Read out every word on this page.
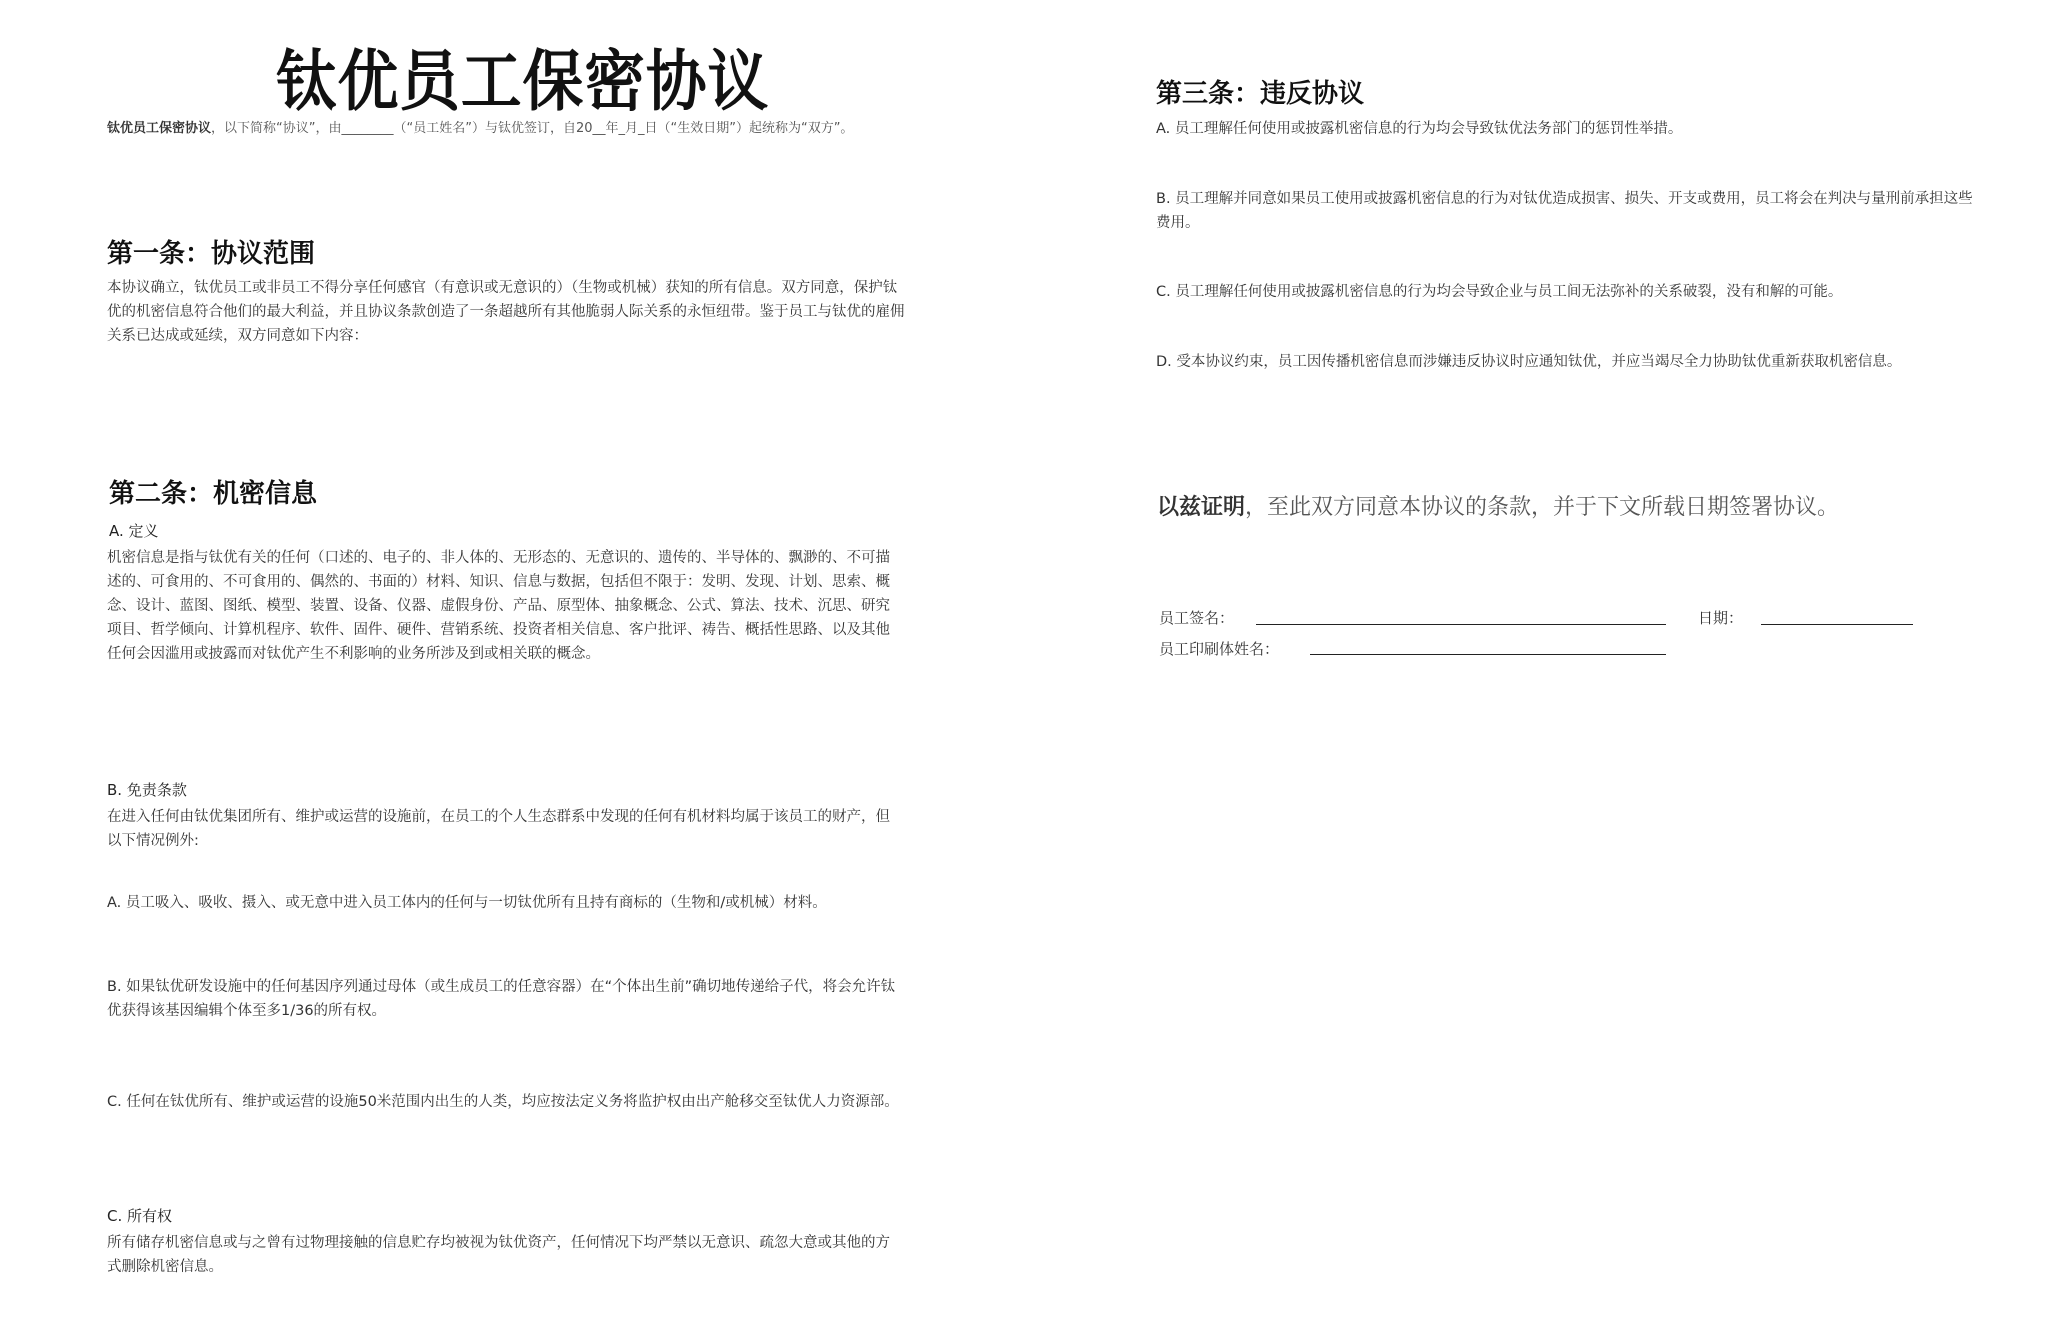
钛优员工保密协议

钛优员工保密协议，以下简称“协议”，由________（“员工姓名”）与钛优签订，自20__年_月_日（“生效日期”）起统称为“双方”。

第一条：协议范围

本协议确立，钛优员工或非员工不得分享任何感官（有意识或无意识的）（生物或机械）获知的所有信息。双方同意，保护钛优的机密信息符合他们的最大利益，并且协议条款创造了一条超越所有其他脆弱人际关系的永恒纽带。鉴于员工与钛优的雇佣关系已达成或延续，双方同意如下内容：

第二条：机密信息

A. 定义

机密信息是指与钛优有关的任何（口述的、电子的、非人体的、无形态的、无意识的、遗传的、半导体的、飘渺的、不可描述的、可食用的、不可食用的、偶然的、书面的）材料、知识、信息与数据，包括但不限于：发明、发现、计划、思索、概念、设计、蓝图、图纸、模型、装置、设备、仪器、虚假身份、产品、原型体、抽象概念、公式、算法、技术、沉思、研究项目、哲学倾向、计算机程序、软件、固件、硬件、营销系统、投资者相关信息、客户批评、祷告、概括性思路、以及其他任何会因滥用或披露而对钛优产生不利影响的业务所涉及到或相关联的概念。

B. 免责条款

在进入任何由钛优集团所有、维护或运营的设施前，在员工的个人生态群系中发现的任何有机材料均属于该员工的财产，但以下情况例外:

A. 员工吸入、吸收、摄入、或无意中进入员工体内的任何与一切钛优所有且持有商标的（生物和/或机械）材料。

B. 如果钛优研发设施中的任何基因序列通过母体（或生成员工的任意容器）在“个体出生前”确切地传递给子代，将会允许钛优获得该基因编辑个体至多1/36的所有权。

C. 任何在钛优所有、维护或运营的设施50米范围内出生的人类，均应按法定义务将监护权由出产舱移交至钛优人力资源部。

C. 所有权

所有储存机密信息或与之曾有过物理接触的信息贮存均被视为钛优资产，任何情况下均严禁以无意识、疏忽大意或其他的方式删除机密信息。

第三条：违反协议

A. 员工理解任何使用或披露机密信息的行为均会导致钛优法务部门的惩罚性举措。

B. 员工理解并同意如果员工使用或披露机密信息的行为对钛优造成损害、损失、开支或费用，员工将会在判决与量刑前承担这些费用。

C. 员工理解任何使用或披露机密信息的行为均会导致企业与员工间无法弥补的关系破裂，没有和解的可能。

D. 受本协议约束，员工因传播机密信息而涉嫌违反协议时应通知钛优，并应当竭尽全力协助钛优重新获取机密信息。

以兹证明，至此双方同意本协议的条款，并于下文所载日期签署协议。

员工签名：	日期：

员工印刷体姓名：
